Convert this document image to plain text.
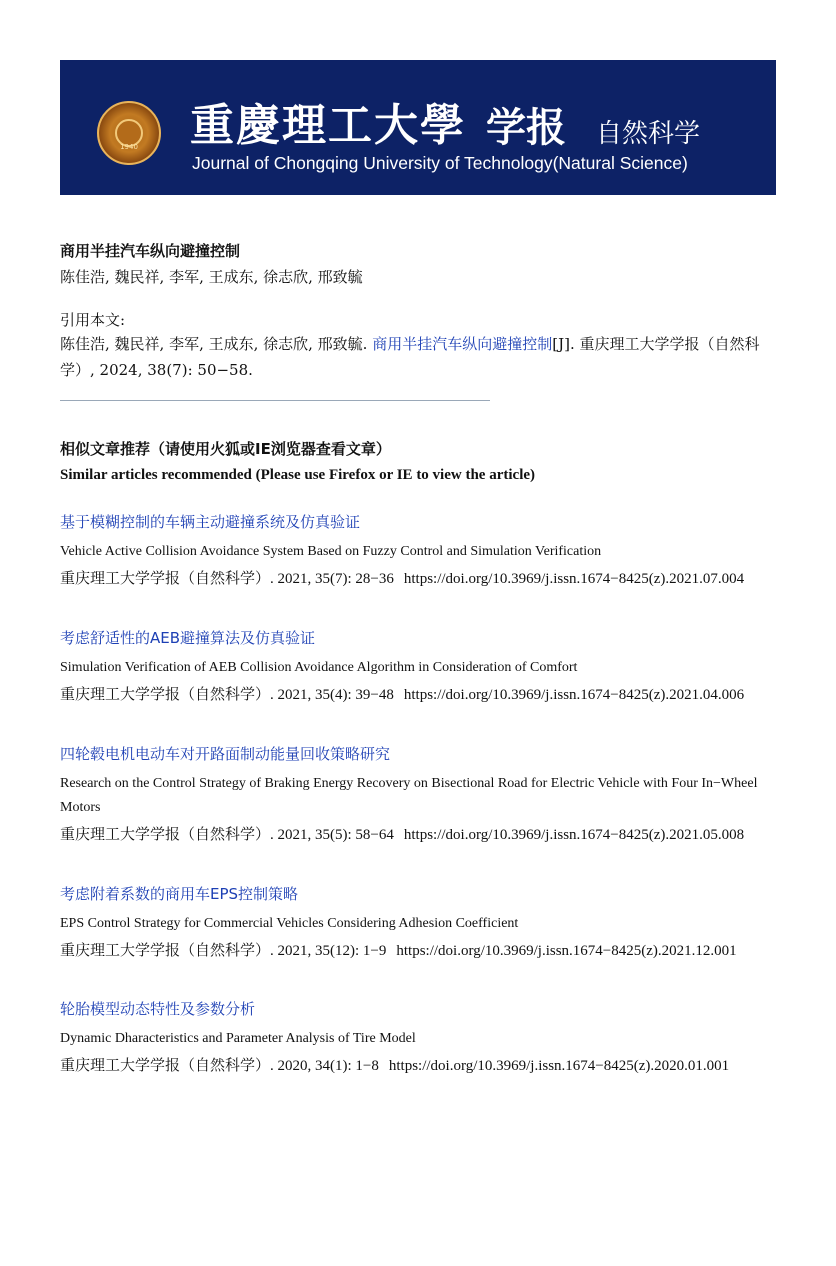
1940	重慶理工大學 学报 自然科学
Journal of Chongqing University of Technology(Natural Science)
商用半挂汽车纵向避撞控制
陈佳浩, 魏民祥, 李军, 王成东, 徐志欣, 邢致毓
引用本文:
陈佳浩, 魏民祥, 李军, 王成东, 徐志欣, 邢致毓. 商用半挂汽车纵向避撞控制[J]. 重庆理工大学学报（自然科学）, 2024, 38(7): 50−58.
相似文章推荐（请使用火狐或IE浏览器查看文章）
Similar articles recommended (Please use Firefox or IE to view the article)
基于模糊控制的车辆主动避撞系统及仿真验证
Vehicle Active Collision Avoidance System Based on Fuzzy Control and Simulation Verification
重庆理工大学学报（自然科学）. 2021, 35(7): 28−36 https://doi.org/10.3969/j.issn.1674−8425(z).2021.07.004
考虑舒适性的AEB避撞算法及仿真验证
Simulation Verification of AEB Collision Avoidance Algorithm in Consideration of Comfort
重庆理工大学学报（自然科学）. 2021, 35(4): 39−48 https://doi.org/10.3969/j.issn.1674−8425(z).2021.04.006
四轮毂电机电动车对开路面制动能量回收策略研究
Research on the Control Strategy of Braking Energy Recovery on Bisectional Road for Electric Vehicle with Four In−Wheel Motors
重庆理工大学学报（自然科学）. 2021, 35(5): 58−64 https://doi.org/10.3969/j.issn.1674−8425(z).2021.05.008
考虑附着系数的商用车EPS控制策略
EPS Control Strategy for Commercial Vehicles Considering Adhesion Coefficient
重庆理工大学学报（自然科学）. 2021, 35(12): 1−9 https://doi.org/10.3969/j.issn.1674−8425(z).2021.12.001
轮胎模型动态特性及参数分析
Dynamic Dharacteristics and Parameter Analysis of Tire Model
重庆理工大学学报（自然科学）. 2020, 34(1): 1−8 https://doi.org/10.3969/j.issn.1674−8425(z).2020.01.001
